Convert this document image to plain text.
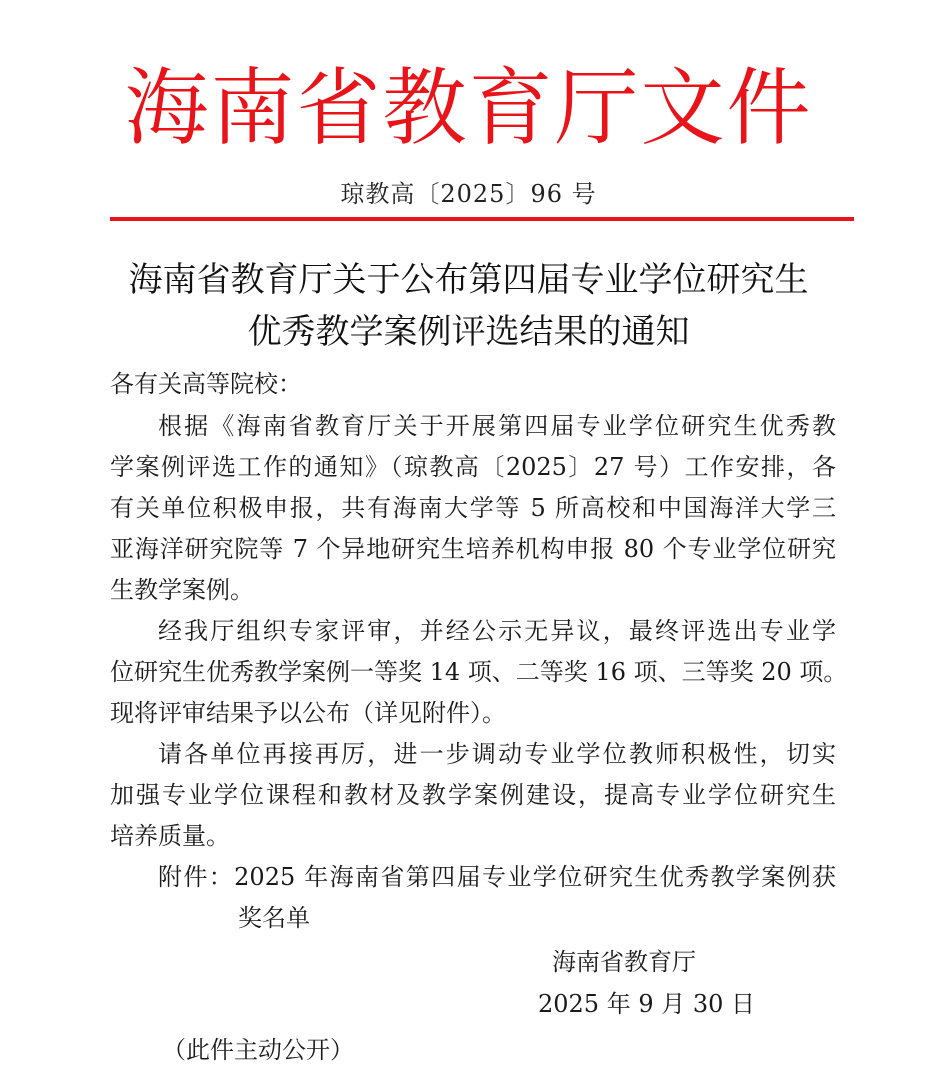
海南省教育厅文件
琼教高〔2025〕96 号
海南省教育厅关于公布第四届专业学位研究生
优秀教学案例评选结果的通知
各有关高等院校：
根据《海南省教育厅关于开展第四届专业学位研究生优秀教
学案例评选工作的通知》（琼教高〔2025〕27 号）工作安排，各
有关单位积极申报，共有海南大学等 5 所高校和中国海洋大学三
亚海洋研究院等 7 个异地研究生培养机构申报 80 个专业学位研究
生教学案例。
经我厅组织专家评审，并经公示无异议，最终评选出专业学
位研究生优秀教学案例一等奖 14 项、二等奖 16 项、三等奖 20 项。
现将评审结果予以公布（详见附件）。
请各单位再接再厉，进一步调动专业学位教师积极性，切实
加强专业学位课程和教材及教学案例建设，提高专业学位研究生
培养质量。
附件：2025 年海南省第四届专业学位研究生优秀教学案例获
奖名单
海南省教育厅
2025 年 9 月 30 日
（此件主动公开）
